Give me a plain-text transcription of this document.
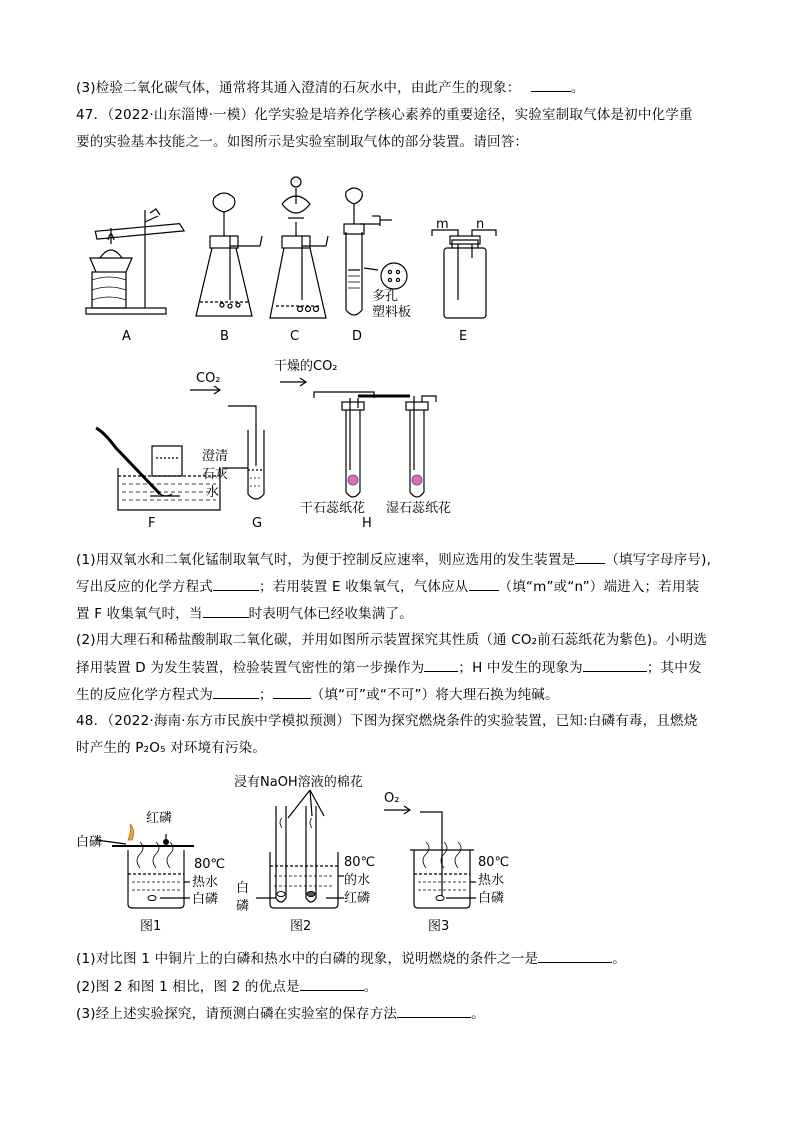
(3)检验二氧化碳气体，通常将其通入澄清的石灰水中，由此产生的现象：	。
47．（2022·山东淄博·一模）化学实验是培养化学核心素养的重要途径，实验室制取气体是初中化学重
要的实验基本技能之一。如图所示是实验室制取气体的部分装置。请回答：
A	B	C	D	E
多孔
塑料板
m n
CO₂
干燥的CO₂
澄清
石灰
水
干石蕊纸花 湿石蕊纸花
F	G	H
(1)用双氧水和二氧化锰制取氧气时，为便于控制反应速率，则应选用的发生装置是 （填写字母序号),
写出反应的化学方程式	；若用装置 E 收集氧气，气体应从 （填“m”或“n”）端进入；若用装
置 F 收集氧气时，当	时表明气体已经收集满了。
(2)用大理石和稀盐酸制取二氧化碳，并用如图所示装置探究其性质（通 CO₂前石蕊纸花为紫色)。小明选
择用装置 D 为发生装置，检验装置气密性的第一步操作为	；H 中发生的现象为	；其中发
生的反应化学方程式为	；	（填“可”或“不可”）将大理石换为纯碱。
48．（2022·海南·东方市民族中学模拟预测）下图为探究燃烧条件的实验装置，已知:白磷有毒，且燃烧
时产生的 P₂O₅ 对环境有污染。
红磷
白磷
80℃
热水
白磷
图1
浸有NaOH溶液的棉花
80℃
的水
红磷
白
磷
图2
O₂
80℃
热水
白磷
图3
(1)对比图 1 中铜片上的白磷和热水中的白磷的现象，说明燃烧的条件之一是	。
(2)图 2 和图 1 相比，图 2 的优点是	。
(3)经上述实验探究，请预测白磷在实验室的保存方法	。
